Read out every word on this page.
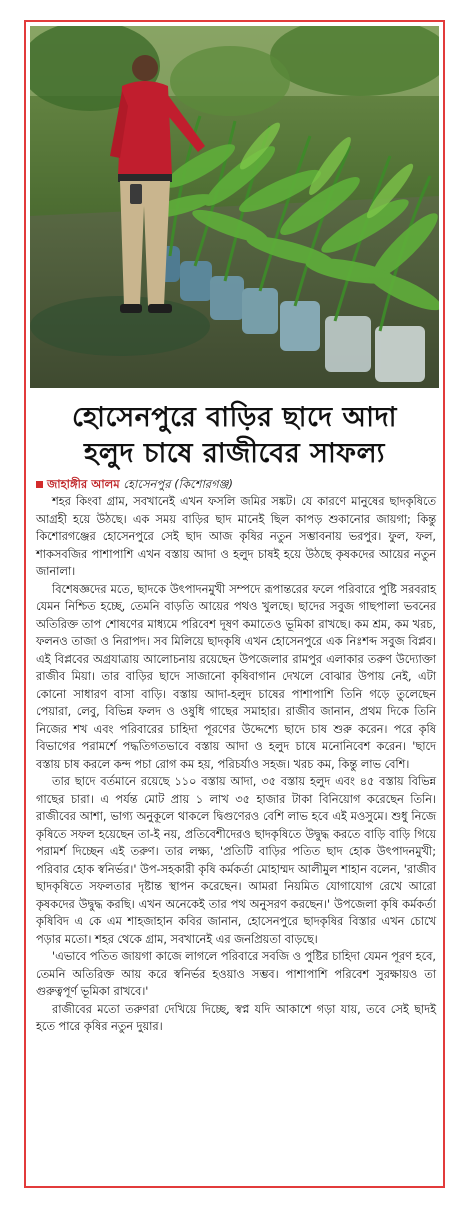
হোসেনপুরে বাড়ির ছাদে আদা
হলুদ চাষে রাজীবের সাফল্য
জাহাঙ্গীর আলম হোসেনপুর (কিশোরগঞ্জ)

শহর কিংবা গ্রাম, সবখানেই এখন ফসলি জমির সঙ্কট। যে কারণে মানুষের ছাদকৃষিতে আগ্রহী হয়ে উঠছে। এক সময় বাড়ির ছাদ মানেই ছিল কাপড় শুকানোর জায়গা; কিন্তু কিশোরগঞ্জের হোসেনপুরে সেই ছাদ আজ কৃষির নতুন সম্ভাবনায় ভরপুর। ফুল, ফল, শাকসবজির পাশাপাশি এখন বস্তায় আদা ও হলুদ চাষই হয়ে উঠছে কৃষকদের আয়ের নতুন জানালা।

বিশেষজ্ঞদের মতে, ছাদকে উৎপাদনমুখী সম্পদে রূপান্তরের ফলে পরিবারে পুষ্টি সরবরাহ যেমন নিশ্চিত হচ্ছে, তেমনি বাড়তি আয়ের পথও খুলছে। ছাদের সবুজ গাছপালা ভবনের অতিরিক্ত তাপ শোষণের মাধ্যমে পরিবেশ দূষণ কমাতেও ভূমিকা রাখছে। কম শ্রম, কম খরচ, ফলনও তাজা ও নিরাপদ। সব মিলিয়ে ছাদকৃষি এখন হোসেনপুরে এক নিঃশব্দ সবুজ বিপ্লব। এই বিপ্লবের অগ্রযাত্রায় আলোচনায় রয়েছেন উপজেলার রামপুর এলাকার তরুণ উদ্যোক্তা রাজীব মিয়া। তার বাড়ির ছাদে সাজানো কৃষিবাগান দেখলে বোঝার উপায় নেই, এটা কোনো সাধারণ বাসা বাড়ি। বস্তায় আদা-হলুদ চাষের পাশাপাশি তিনি গড়ে তুলেছেন পেয়ারা, লেবু, বিভিন্ন ফলদ ও ওষুধি গাছের সমাহার। রাজীব জানান, প্রথম দিকে তিনি নিজের শখ এবং পরিবারের চাহিদা পূরণের উদ্দেশ্যে ছাদে চাষ শুরু করেন। পরে কৃষি বিভাগের পরামর্শে পদ্ধতিগতভাবে বস্তায় আদা ও হলুদ চাষে মনোনিবেশ করেন। 'ছাদে বস্তায় চাষ করলে কন্দ পচা রোগ কম হয়, পরিচর্যাও সহজ। খরচ কম, কিন্তু লাভ বেশি।

তার ছাদে বর্তমানে রয়েছে ১১০ বস্তায় আদা, ৩৫ বস্তায় হলুদ এবং ৪৫ বস্তায় বিভিন্ন গাছের চারা। এ পর্যন্ত মোট প্রায় ১ লাখ ৩৫ হাজার টাকা বিনিয়োগ করেছেন তিনি। রাজীবের আশা, ভাগ্য অনুকূলে থাকলে দ্বিগুণেরও বেশি লাভ হবে এই মওসুমে। শুধু নিজে কৃষিতে সফল হয়েছেন তা-ই নয়, প্রতিবেশীদেরও ছাদকৃষিতে উদ্বুদ্ধ করতে বাড়ি বাড়ি গিয়ে পরামর্শ দিচ্ছেন এই তরুণ। তার লক্ষ্য, 'প্রতিটি বাড়ির পতিত ছাদ হোক উৎপাদনমুখী; পরিবার হোক স্বনির্ভর।' উপ-সহকারী কৃষি কর্মকর্তা মোহাম্মদ আলীমুল শাহান বলেন, 'রাজীব ছাদকৃষিতে সফলতার দৃষ্টান্ত স্থাপন করেছেন। আমরা নিয়মিত যোগাযোগ রেখে আরো কৃষকদের উদ্বুদ্ধ করছি। এখন অনেকেই তার পথ অনুসরণ করছেন।' উপজেলা কৃষি কর্মকর্তা কৃষিবিদ এ কে এম শাহজাহান কবির জানান, হোসেনপুরে ছাদকৃষির বিস্তার এখন চোখে পড়ার মতো। শহর থেকে গ্রাম, সবখানেই এর জনপ্রিয়তা বাড়ছে।

'এভাবে পতিত জায়গা কাজে লাগলে পরিবারে সবজি ও পুষ্টির চাহিদা যেমন পূরণ হবে, তেমনি অতিরিক্ত আয় করে স্বনির্ভর হওয়াও সম্ভব। পাশাপাশি পরিবেশ সুরক্ষায়ও তা গুরুত্বপূর্ণ ভূমিকা রাখবে।'

রাজীবের মতো তরুণরা দেখিয়ে দিচ্ছে, স্বপ্ন যদি আকাশে গড়া যায়, তবে সেই ছাদই হতে পারে কৃষির নতুন দুয়ার।
